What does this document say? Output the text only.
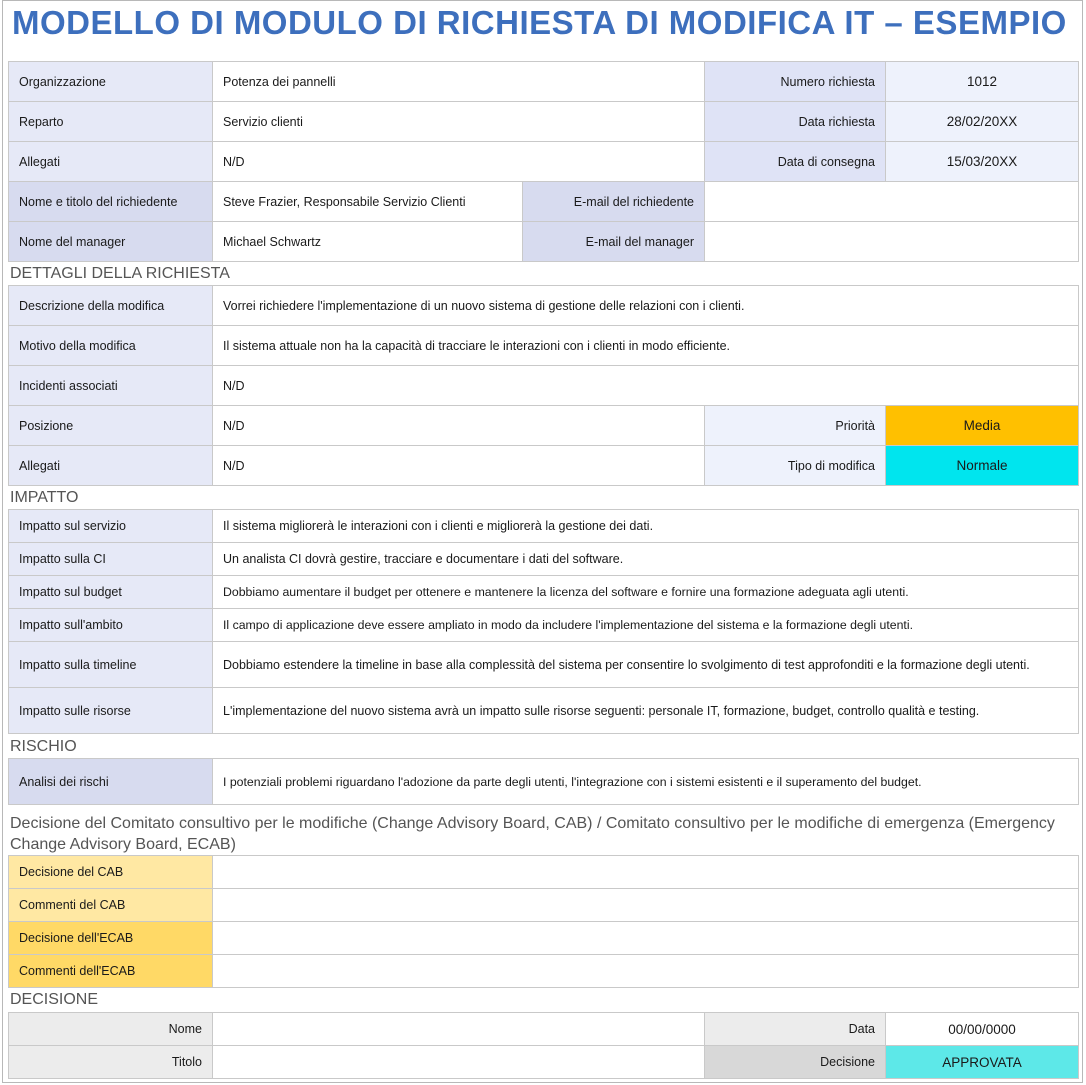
MODELLO DI MODULO DI RICHIESTA DI MODIFICA IT – ESEMPIO
Organizzazione	Potenza dei pannelli		Numero richiesta	1012
Reparto	Servizio clienti		Data richiesta	28/02/20XX
Allegati	N/D		Data di consegna	15/03/20XX
Nome e titolo del richiedente	Steve Frazier, Responsabile Servizio Clienti	E-mail del richiedente		
Nome del manager	Michael Schwartz	E-mail del manager		
DETTAGLI DELLA RICHIESTA
Descrizione della modifica	Vorrei richiedere l'implementazione di un nuovo sistema di gestione delle relazioni con i clienti.		
Motivo della modifica	Il sistema attuale non ha la capacità di tracciare le interazioni con i clienti in modo efficiente.		
Incidenti associati	N/D		
Posizione	N/D	Priorità	Media
Allegati	N/D	Tipo di modifica	Normale
IMPATTO
Impatto sul servizio	Il sistema migliorerà le interazioni con i clienti e migliorerà la gestione dei dati.
Impatto sulla CI	Un analista CI dovrà gestire, tracciare e documentare i dati del software.
Impatto sul budget	Dobbiamo aumentare il budget per ottenere e mantenere la licenza del software e fornire una formazione adeguata agli utenti.
Impatto sull'ambito	Il campo di applicazione deve essere ampliato in modo da includere l'implementazione del sistema e la formazione degli utenti.
Impatto sulla timeline	Dobbiamo estendere la timeline in base alla complessità del sistema per consentire lo svolgimento di test approfonditi e la formazione degli utenti.
Impatto sulle risorse	L'implementazione del nuovo sistema avrà un impatto sulle risorse seguenti: personale IT, formazione, budget, controllo qualità e testing.
RISCHIO
Analisi dei rischi	I potenziali problemi riguardano l'adozione da parte degli utenti, l'integrazione con i sistemi esistenti e il superamento del budget.
Decisione del Comitato consultivo per le modifiche (Change Advisory Board, CAB) / Comitato consultivo per le modifiche di emergenza (Emergency Change Advisory Board, ECAB)
Decisione del CAB	
Commenti del CAB	
Decisione dell'ECAB	
Commenti dell'ECAB	
DECISIONE
Nome		Data	00/00/0000
Titolo		Decisione	APPROVATA
